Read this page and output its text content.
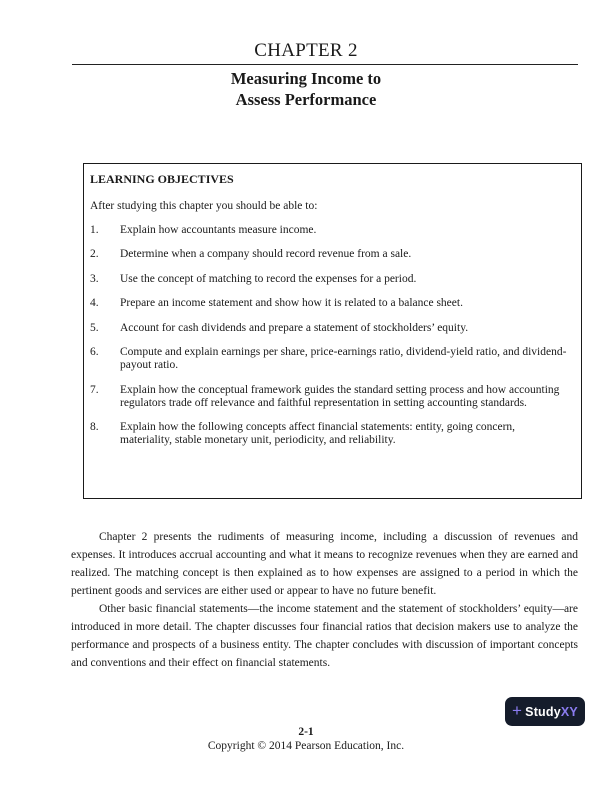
CHAPTER 2
Measuring Income to
Assess Performance
LEARNING OBJECTIVES
After studying this chapter you should be able to:
1.	Explain how accountants measure income.
2.	Determine when a company should record revenue from a sale.
3.	Use the concept of matching to record the expenses for a period.
4.	Prepare an income statement and show how it is related to a balance sheet.
5.	Account for cash dividends and prepare a statement of stockholders’ equity.
6.	Compute and explain earnings per share, price-earnings ratio, dividend-yield ratio, and dividend-payout ratio.
7.	Explain how the conceptual framework guides the standard setting process and how accounting regulators trade off relevance and faithful representation in setting accounting standards.
8.	Explain how the following concepts affect financial statements: entity, going concern, materiality, stable monetary unit, periodicity, and reliability.

Chapter 2 presents the rudiments of measuring income, including a discussion of revenues and expenses. It introduces accrual accounting and what it means to recognize revenues when they are earned and realized. The matching concept is then explained as to how expenses are assigned to a period in which the pertinent goods and services are either used or appear to have no future benefit.

Other basic financial statements—the income statement and the statement of stockholders’ equity—are introduced in more detail. The chapter discusses four financial ratios that decision makers use to analyze the performance and prospects of a business entity. The chapter concludes with discussion of important concepts and conventions and their effect on financial statements.

+ StudyXY
2-1
Copyright © 2014 Pearson Education, Inc.
